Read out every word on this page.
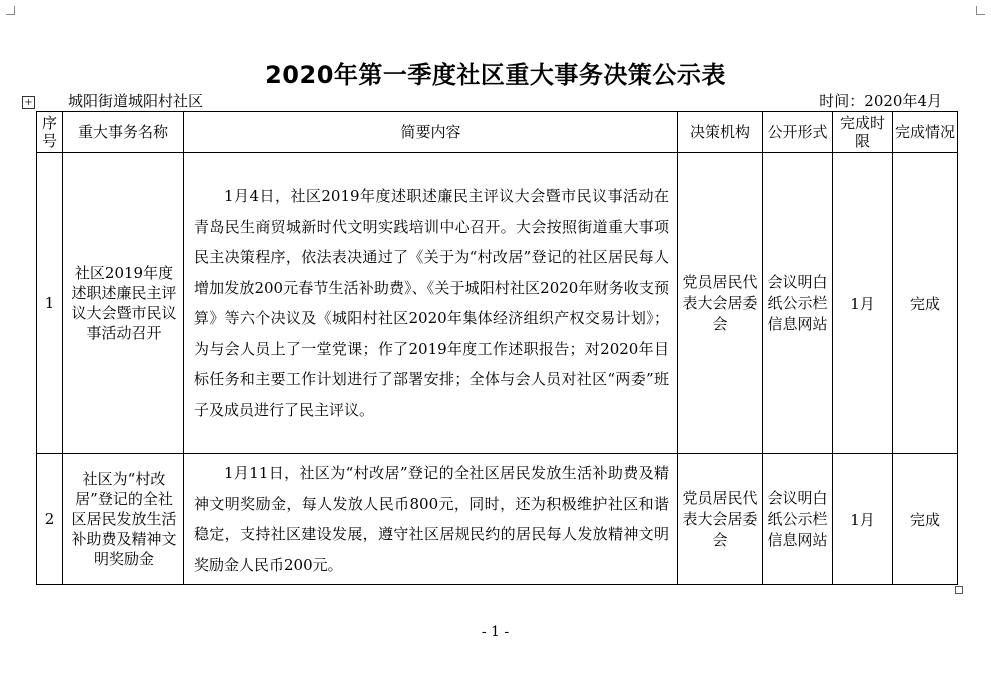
2020年第一季度社区重大事务决策公示表
+ 城阳街道城阳村社区	时间：2020年4月
序号	重大事务名称	简要内容	决策机构	公开形式	完成时限	完成情况
1	社区2019年度述职述廉民主评议大会暨市民议事活动召开	1月4日，社区2019年度述职述廉民主评议大会暨市民议事活动在青岛民生商贸城新时代文明实践培训中心召开。大会按照街道重大事项民主决策程序，依法表决通过了《关于为“村改居”登记的社区居民每人增加发放200元春节生活补助费》、《关于城阳村社区2020年财务收支预算》等六个决议及《城阳村社区2020年集体经济组织产权交易计划》；为与会人员上了一堂党课；作了2019年度工作述职报告；对2020年目标任务和主要工作计划进行了部署安排；全体与会人员对社区“两委”班子及成员进行了民主评议。	党员居民代表大会居委会	会议明白纸公示栏信息网站	1月	完成
2	社区为“村改居”登记的全社区居民发放生活补助费及精神文明奖励金	1月11日，社区为“村改居”登记的全社区居民发放生活补助费及精神文明奖励金，每人发放人民币800元，同时，还为积极维护社区和谐稳定，支持社区建设发展，遵守社区居规民约的居民每人发放精神文明奖励金人民币200元。	党员居民代表大会居委会	会议明白纸公示栏信息网站	1月	完成
- 1 -
